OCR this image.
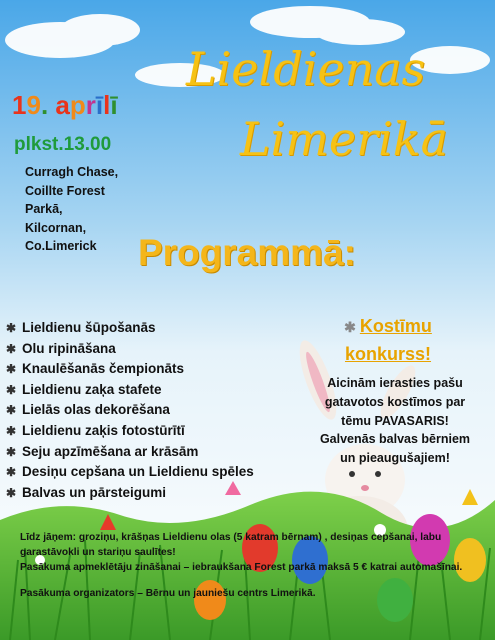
Lieldienas
Limerikā
19. aprīlī
plkst.13.00
Curragh Chase,
Coillte Forest
Parkā,
Kilcornan,
Co.Limerick	Programmā:
✱ Lieldienu šūpošanās
✱ Olu ripināšana
✱ Knaulēšanās čempionāts
✱ Lieldienu zaķa stafete
✱ Lielās olas dekorēšana
✱ Lieldienu zaķis fotostūrītī
✱ Seju apzīmēšana ar krāsām
✱ Desiņu cepšana un Lieldienu spēles
✱ Balvas un pārsteigumi
✱ Kostīmu
konkurss!
Aicinām ierasties pašu gatavotos kostīmos par tēmu PAVASARIS! Galvenās balvas bērniem un pieaugušajiem!

Līdz jāņem: groziņu, krāšņas Lieldienu olas (5 katram bērnam) , desiņas cepšanai, labu garastāvokli un stariņu saulītes!

Pasākuma apmeklētāju zināšanai – iebraukšana Forest parkā maksā 5 € katrai automašīnai.

Pasākuma organizators – Bērnu un jauniešu centrs Limerikā.
